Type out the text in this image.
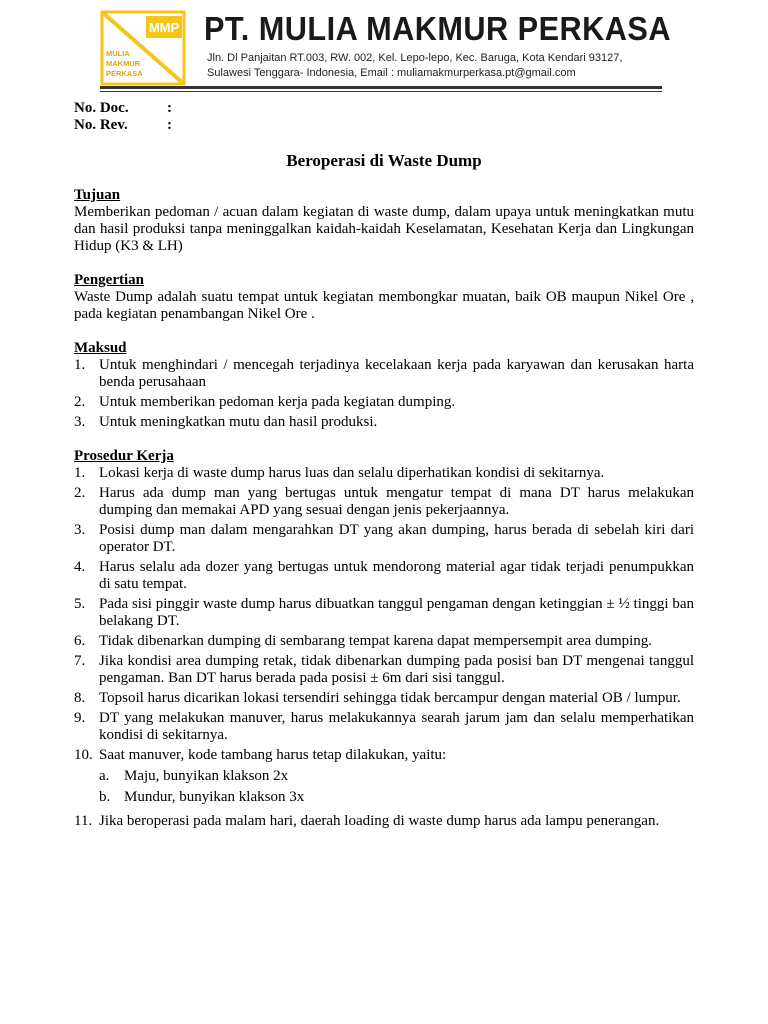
MMP
MULIA
MAKMUR
PERKASA
PT. MULIA MAKMUR PERKASA
Jln. Dl Panjaitan RT.003, RW. 002, Kel. Lepo-lepo, Kec. Baruga, Kota Kendari 93127,
Sulawesi Tenggara- Indonesia, Email : muliamakmurperkasa.pt@gmail.com
No. Doc.	:
No. Rev.	:
Beroperasi di Waste Dump
Tujuan
Memberikan pedoman / acuan dalam kegiatan di waste dump, dalam upaya untuk meningkatkan mutu dan hasil produksi tanpa meninggalkan kaidah-kaidah Keselamatan, Kesehatan Kerja dan Lingkungan Hidup (K3 & LH)
Pengertian
Waste Dump adalah suatu tempat untuk kegiatan membongkar muatan, baik OB maupun Nikel Ore , pada kegiatan penambangan Nikel Ore .
Maksud
1. Untuk menghindari / mencegah terjadinya kecelakaan kerja pada karyawan dan kerusakan harta benda perusahaan
2. Untuk memberikan pedoman kerja pada kegiatan dumping.
3. Untuk meningkatkan mutu dan hasil produksi.
Prosedur Kerja
1. Lokasi kerja di waste dump harus luas dan selalu diperhatikan kondisi di sekitarnya.
2. Harus ada dump man yang bertugas untuk mengatur tempat di mana DT harus melakukan dumping dan memakai APD yang sesuai dengan jenis pekerjaannya.
3. Posisi dump man dalam mengarahkan DT yang akan dumping, harus berada di sebelah kiri dari operator DT.
4. Harus selalu ada dozer yang bertugas untuk mendorong material agar tidak terjadi penumpukkan di satu tempat.
5. Pada sisi pinggir waste dump harus dibuatkan tanggul pengaman dengan ketinggian ± ½ tinggi ban belakang DT.
6. Tidak dibenarkan dumping di sembarang tempat karena dapat mempersempit area dumping.
7. Jika kondisi area dumping retak, tidak dibenarkan dumping pada posisi ban DT mengenai tanggul pengaman. Ban DT harus berada pada posisi ± 6m dari sisi tanggul.
8. Topsoil harus dicarikan lokasi tersendiri sehingga tidak bercampur dengan material OB / lumpur.
9. DT yang melakukan manuver, harus melakukannya searah jarum jam dan selalu memperhatikan kondisi di sekitarnya.
10. Saat manuver, kode tambang harus tetap dilakukan, yaitu:
a. Maju, bunyikan klakson 2x
b. Mundur, bunyikan klakson 3x
11. Jika beroperasi pada malam hari, daerah loading di waste dump harus ada lampu penerangan.
